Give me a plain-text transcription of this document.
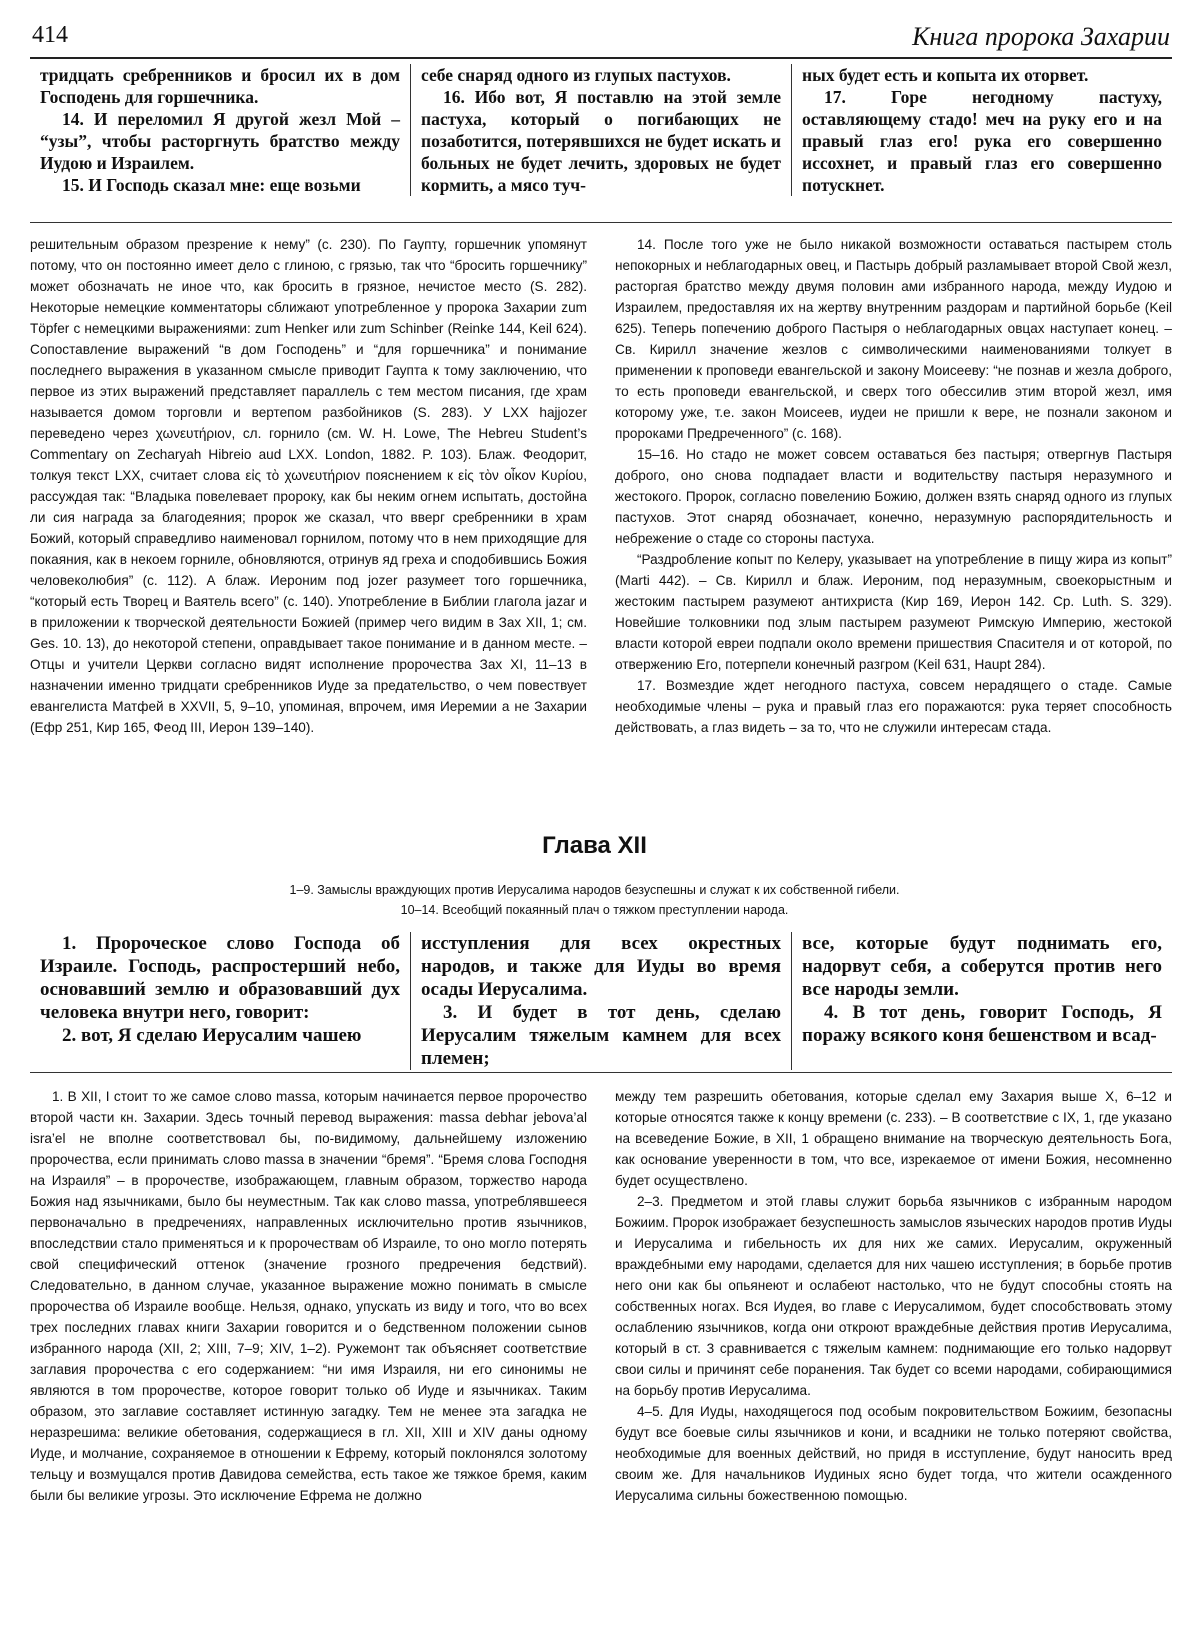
414	Книга пророка Захарии

тридцать сребренников и бросил их в дом Господень для горшечника.

14. И переломил Я другой жезл Мой – “узы”, чтобы расторгнуть братство между Иудою и Израилем.

15. И Господь сказал мне: еще возьми

себе снаряд одного из глупых пастухов.

16. Ибо вот, Я поставлю на этой земле пастуха, который о погибающих не позаботится, потерявшихся не будет искать и больных не будет лечить, здоровых не будет кормить, а мясо туч-

ных будет есть и копыта их оторвет.

17. Горе негодному пастуху, оставляющему стадо! меч на руку его и на правый глаз его! рука его совершенно иссохнет, и правый глаз его совершенно потускнет.

решительным образом презрение к нему” (с. 230). По Гаупту, горшечник упомянут потому, что он постоянно имеет дело с глиною, с грязью, так что “бросить горшечнику” может обозначать не иное что, как бросить в грязное, нечистое место (S. 282). Некоторые немецкие комментаторы сближают употребленное у пророка Захарии zum Töpfer с немецкими выражениями: zum Henker или zum Schinber (Reinke 144, Keil 624). Сопоставление выражений “в дом Господень” и “для горшечника” и понимание последнего выражения в указанном смысле приводит Гаупта к тому заключению, что первое из этих выражений представляет параллель с тем местом писания, где храм называется домом торговли и вертепом разбойников (S. 283). У LXX hajjozer переведено через χωνευτήριον, сл. горнило (см. W. H. Lowe, The Hebreu Student’s Commentary on Zecharyah Hibreio aud LXX. London, 1882. P. 103). Блаж. Феодорит, толкуя текст LXX, считает слова εἰς τὸ χωνευτήριον пояснением к εἰς τὸν οἶκον Κυρίου, рассуждая так: “Владыка повелевает пророку, как бы неким огнем испытать, достойна ли сия награда за благодеяния; пророк же сказал, что вверг сребренники в храм Божий, который справедливо наименовал горнилом, потому что в нем приходящие для покаяния, как в некоем горниле, обновляются, отринув яд греха и сподобившись Божия человеколюбия” (с. 112). А блаж. Иероним под jozer разумеет того горшечника, “который есть Творец и Ваятель всего” (с. 140). Употребление в Библии глагола jazar и в приложении к творческой деятельности Божией (пример чего видим в Зах XII, 1; см. Ges. 10. 13), до некоторой степени, оправдывает такое понимание и в данном месте. – Отцы и учители Церкви согласно видят исполнение пророчества Зах XI, 11–13 в назначении именно тридцати сребренников Иуде за предательство, о чем повествует евангелиста Матфей в XXVII, 5, 9–10, упоминая, впрочем, имя Иеремии а не Захарии (Ефр 251, Кир 165, Феод III, Иерон 139–140).

14. После того уже не было никакой возможности оставаться пастырем столь непокорных и неблагодарных овец, и Пастырь добрый разламывает второй Свой жезл, расторгая братство между двумя половин ами избранного народа, между Иудою и Израилем, предоставляя их на жертву внутренним раздорам и партийной борьбе (Keil 625). Теперь попечению доброго Пастыря о неблагодарных овцах наступает конец. – Св. Кирилл значение жезлов с символическими наименованиями толкует в применении к проповеди евангельской и закону Моисееву: “не познав и жезла доброго, то есть проповеди евангельской, и сверх того обессилив этим второй жезл, имя которому уже, т.е. закон Моисеев, иудеи не пришли к вере, не познали законом и пророками Предреченного” (с. 168).

15–16. Но стадо не может совсем оставаться без пастыря; отвергнув Пастыря доброго, оно снова подпадает власти и водительству пастыря неразумного и жестокого. Пророк, согласно повелению Божию, должен взять снаряд одного из глупых пастухов. Этот снаряд обозначает, конечно, неразумную распорядительность и небрежение о стаде со стороны пастуха.

“Раздробление копыт по Келеру, указывает на употребление в пищу жира из копыт” (Marti 442). – Св. Кирилл и блаж. Иероним, под неразумным, своекорыстным и жестоким пастырем разумеют антихриста (Кир 169, Иерон 142. Ср. Luth. S. 329). Новейшие толковники под злым пастырем разумеют Римскую Империю, жестокой власти которой евреи подпали около времени пришествия Спасителя и от которой, по отвержению Его, потерпели конечный разгром (Keil 631, Haupt 284).

17. Возмездие ждет негодного пастуха, совсем нерадящего о стаде. Самые необходимые члены – рука и правый глаз его поражаются: рука теряет способность действовать, а глаз видеть – за то, что не служили интересам стада.

Глава XII
1–9. Замыслы враждующих против Иерусалима народов безуспешны и служат к их собственной гибели.
10–14. Всеобщий покаянный плач о тяжком преступлении народа.

1. Пророческое слово Господа об Израиле. Господь, распростерший небо, основавший землю и образовавший дух человека внутри него, говорит:

2. вот, Я сделаю Иерусалим чашею

исступления для всех окрестных народов, и также для Иуды во время осады Иерусалима.

3. И будет в тот день, сделаю Иерусалим тяжелым камнем для всех племен;

все, которые будут поднимать его, надорвут себя, а соберутся против него все народы земли.

4. В тот день, говорит Господь, Я поражу всякого коня бешенством и всад-

1. В XII, I стоит то же самое слово massa, которым начинается первое пророчество второй части кн. Захарии. Здесь точный перевод выражения: massa debhar jebova’al isra’el не вполне соответствовал бы, по-видимому, дальнейшему изложению пророчества, если принимать слово massa в значении “бремя”. “Бремя слова Господня на Израиля” – в пророчестве, изображающем, главным образом, торжество народа Божия над язычниками, было бы неуместным. Так как слово massa, употреблявшееся первоначально в предречениях, направленных исключительно против язычников, впоследствии стало применяться и к пророчествам об Израиле, то оно могло потерять свой специфический оттенок (значение грозного предречения бедствий). Следовательно, в данном случае, указанное выражение можно понимать в смысле пророчества об Израиле вообще. Нельзя, однако, упускать из виду и того, что во всех трех последних главах книги Захарии говорится и о бедственном положении сынов избранного народа (XII, 2; XIII, 7–9; XIV, 1–2). Ружемонт так объясняет соответствие заглавия пророчества с его содержанием: “ни имя Израиля, ни его синонимы не являются в том пророчестве, которое говорит только об Иуде и язычниках. Таким образом, это заглавие составляет истинную загадку. Тем не менее эта загадка не неразрешима: великие обетования, содержащиеся в гл. XII, XIII и XIV даны одному Иуде, и молчание, сохраняемое в отношении к Ефрему, который поклонялся золотому тельцу и возмущался против Давидова семейства, есть такое же тяжкое бремя, каким были бы великие угрозы. Это исключение Ефрема не должно

между тем разрешить обетования, которые сделал ему Захария выше X, 6–12 и которые относятся также к концу времени (с. 233). – В соответствие с IX, 1, где указано на всеведение Божие, в XII, 1 обращено внимание на творческую деятельность Бога, как основание уверенности в том, что все, изрекаемое от имени Божия, несомненно будет осуществлено.

2–3. Предметом и этой главы служит борьба язычников с избранным народом Божиим. Пророк изображает безуспешность замыслов языческих народов против Иуды и Иерусалима и гибельность их для них же самих. Иерусалим, окруженный враждебными ему народами, сделается для них чашею исступления; в борьбе против него они как бы опьянеют и ослабеют настолько, что не будут способны стоять на собственных ногах. Вся Иудея, во главе с Иерусалимом, будет способствовать этому ослаблению язычников, когда они откроют враждебные действия против Иерусалима, который в ст. 3 сравнивается с тяжелым камнем: поднимающие его только надорвут свои силы и причинят себе поранения. Так будет со всеми народами, собирающимися на борьбу против Иерусалима.

4–5. Для Иуды, находящегося под особым покровительством Божиим, безопасны будут все боевые силы язычников и кони, и всадники не только потеряют свойства, необходимые для военных действий, но придя в исступление, будут наносить вред своим же. Для начальников Иудиных ясно будет тогда, что жители осажденного Иерусалима сильны божественною помощью.
